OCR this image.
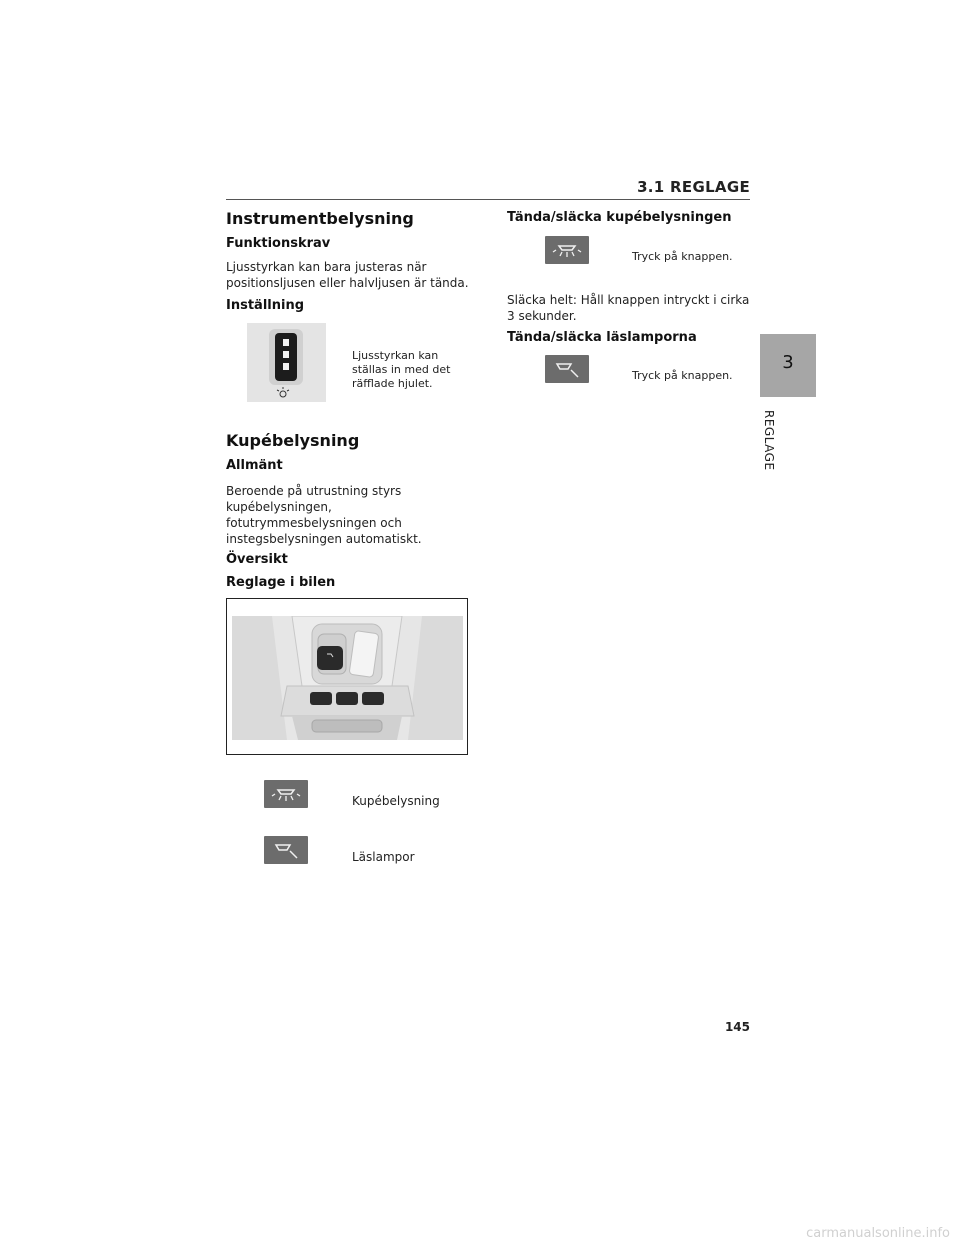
3.1 REGLAGE
3
REGLAGE
Instrumentbelysning
Funktionskrav

Ljusstyrkan kan bara justeras när

positionsljusen eller halvljusen är tända.

Inställning
Ljusstyrkan kan
ställas in med det
räfflade hjulet.
Kupébelysning
Allmänt

Beroende på utrustning styrs

kupébelysningen,

fotutrymmesbelysningen och

instegsbelysningen automatiskt.

Översikt
Reglage i bilen
Kupébelysning
Läslampor
Tända/släcka kupébelysningen
Tryck på knappen.

Släcka helt: Håll knappen intryckt i cirka

3 sekunder.

Tända/släcka läslamporna
Tryck på knappen.
145
carmanualsonline.info
